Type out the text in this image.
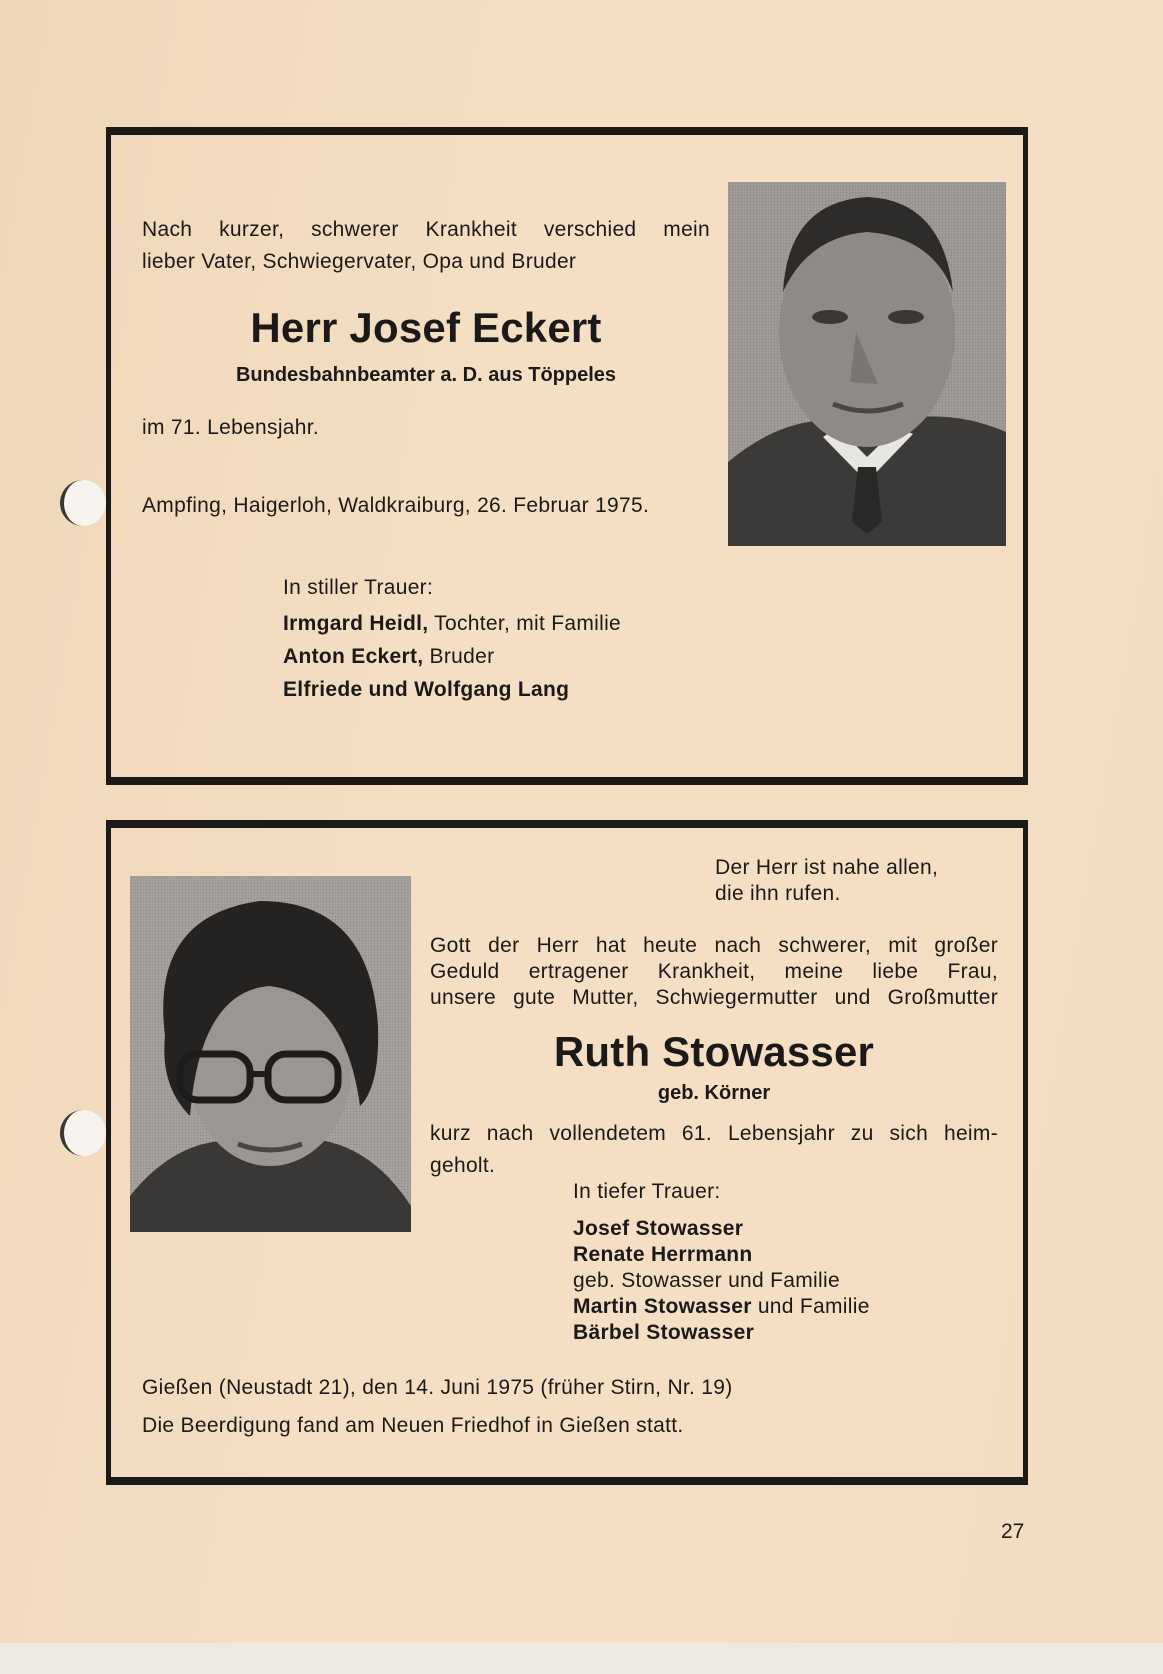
Nach kurzer, schwerer Krankheit verschied mein
lieber Vater, Schwiegervater, Opa und Bruder
Herr Josef Eckert
Bundesbahnbeamter a. D. aus Töppeles
im 71. Lebensjahr.
Ampfing, Haigerloh, Waldkraiburg, 26. Februar 1975.
In stiller Trauer:
Irmgard Heidl, Tochter, mit Familie
Anton Eckert, Bruder
Elfriede und Wolfgang Lang
Der Herr ist nahe allen,
die ihn rufen.
Gott der Herr hat heute nach schwerer, mit großer
Geduld ertragener Krankheit, meine liebe Frau,
unsere gute Mutter, Schwiegermutter und Großmutter
Ruth Stowasser
geb. Körner
kurz nach vollendetem 61. Lebensjahr zu sich heim-
geholt.
In tiefer Trauer:
Josef Stowasser
Renate Herrmann
geb. Stowasser und Familie
Martin Stowasser und Familie
Bärbel Stowasser
Gießen (Neustadt 21), den 14. Juni 1975 (früher Stirn, Nr. 19)
Die Beerdigung fand am Neuen Friedhof in Gießen statt.
27
